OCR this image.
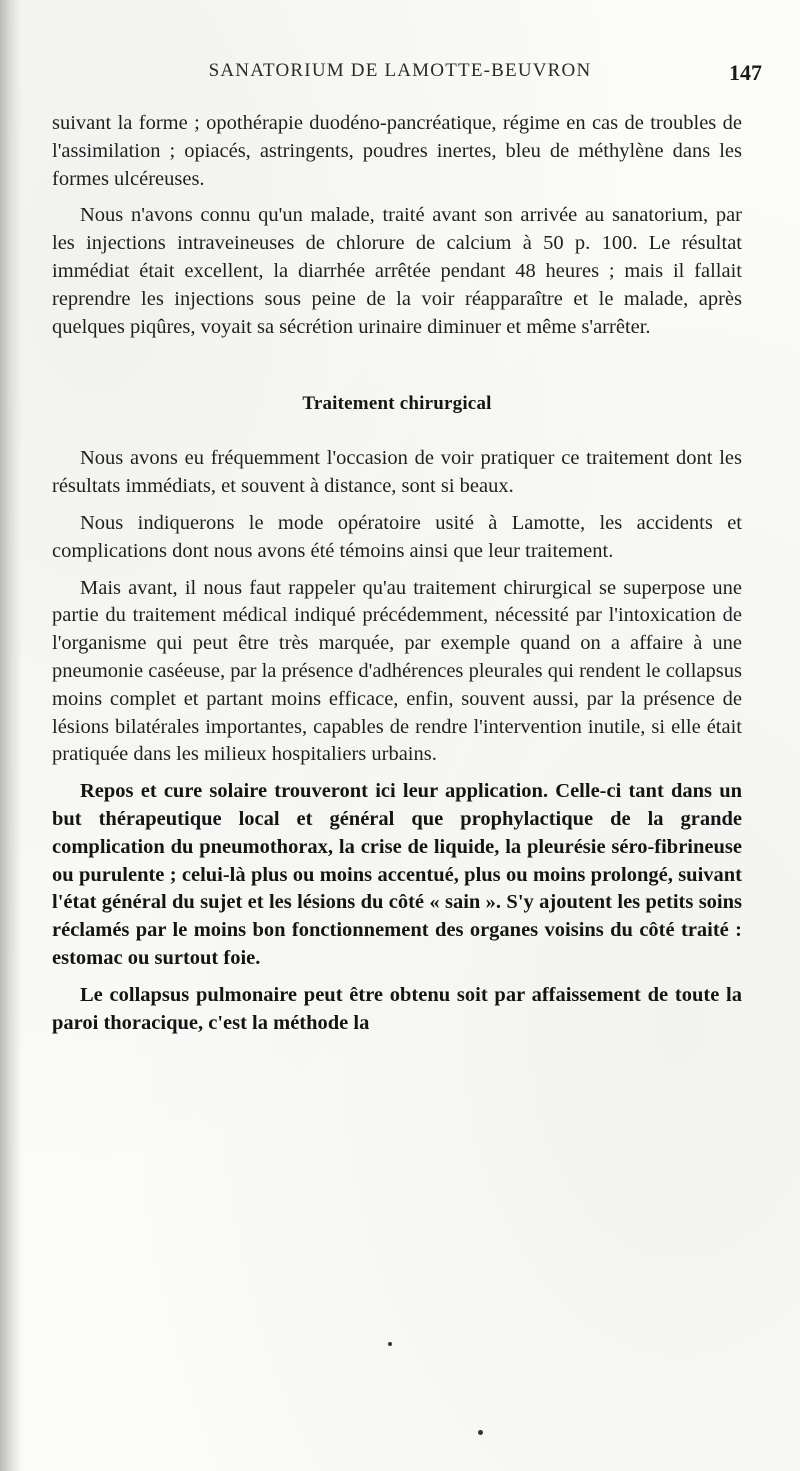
SANATORIUM DE LAMOTTE-BEUVRON	147

suivant la forme ; opothérapie duodéno-pancréatique, régime en cas de troubles de l'assimilation ; opiacés, astringents, poudres inertes, bleu de méthylène dans les formes ulcéreuses.

Nous n'avons connu qu'un malade, traité avant son arrivée au sanatorium, par les injections intraveineuses de chlorure de calcium à 50 p. 100. Le résultat immédiat était excellent, la diarrhée arrêtée pendant 48 heures ; mais il fallait reprendre les injections sous peine de la voir réapparaître et le malade, après quelques piqûres, voyait sa sécrétion urinaire diminuer et même s'arrêter.

Traitement chirurgical

Nous avons eu fréquemment l'occasion de voir pratiquer ce traitement dont les résultats immédiats, et souvent à distance, sont si beaux.

Nous indiquerons le mode opératoire usité à Lamotte, les accidents et complications dont nous avons été témoins ainsi que leur traitement.

Mais avant, il nous faut rappeler qu'au traitement chirurgical se superpose une partie du traitement médical indiqué précédemment, nécessité par l'intoxication de l'organisme qui peut être très marquée, par exemple quand on a affaire à une pneumonie caséeuse, par la présence d'adhérences pleurales qui rendent le collapsus moins complet et partant moins efficace, enfin, souvent aussi, par la présence de lésions bilatérales importantes, capables de rendre l'intervention inutile, si elle était pratiquée dans les milieux hospitaliers urbains.

Repos et cure solaire trouveront ici leur application. Celle-ci tant dans un but thérapeutique local et général que prophylactique de la grande complication du pneumothorax, la crise de liquide, la pleurésie séro-fibrineuse ou purulente ; celui-là plus ou moins accentué, plus ou moins prolongé, suivant l'état général du sujet et les lésions du côté « sain ». S'y ajoutent les petits soins réclamés par le moins bon fonctionnement des organes voisins du côté traité : estomac ou surtout foie.

Le collapsus pulmonaire peut être obtenu soit par affaissement de toute la paroi thoracique, c'est la méthode la
